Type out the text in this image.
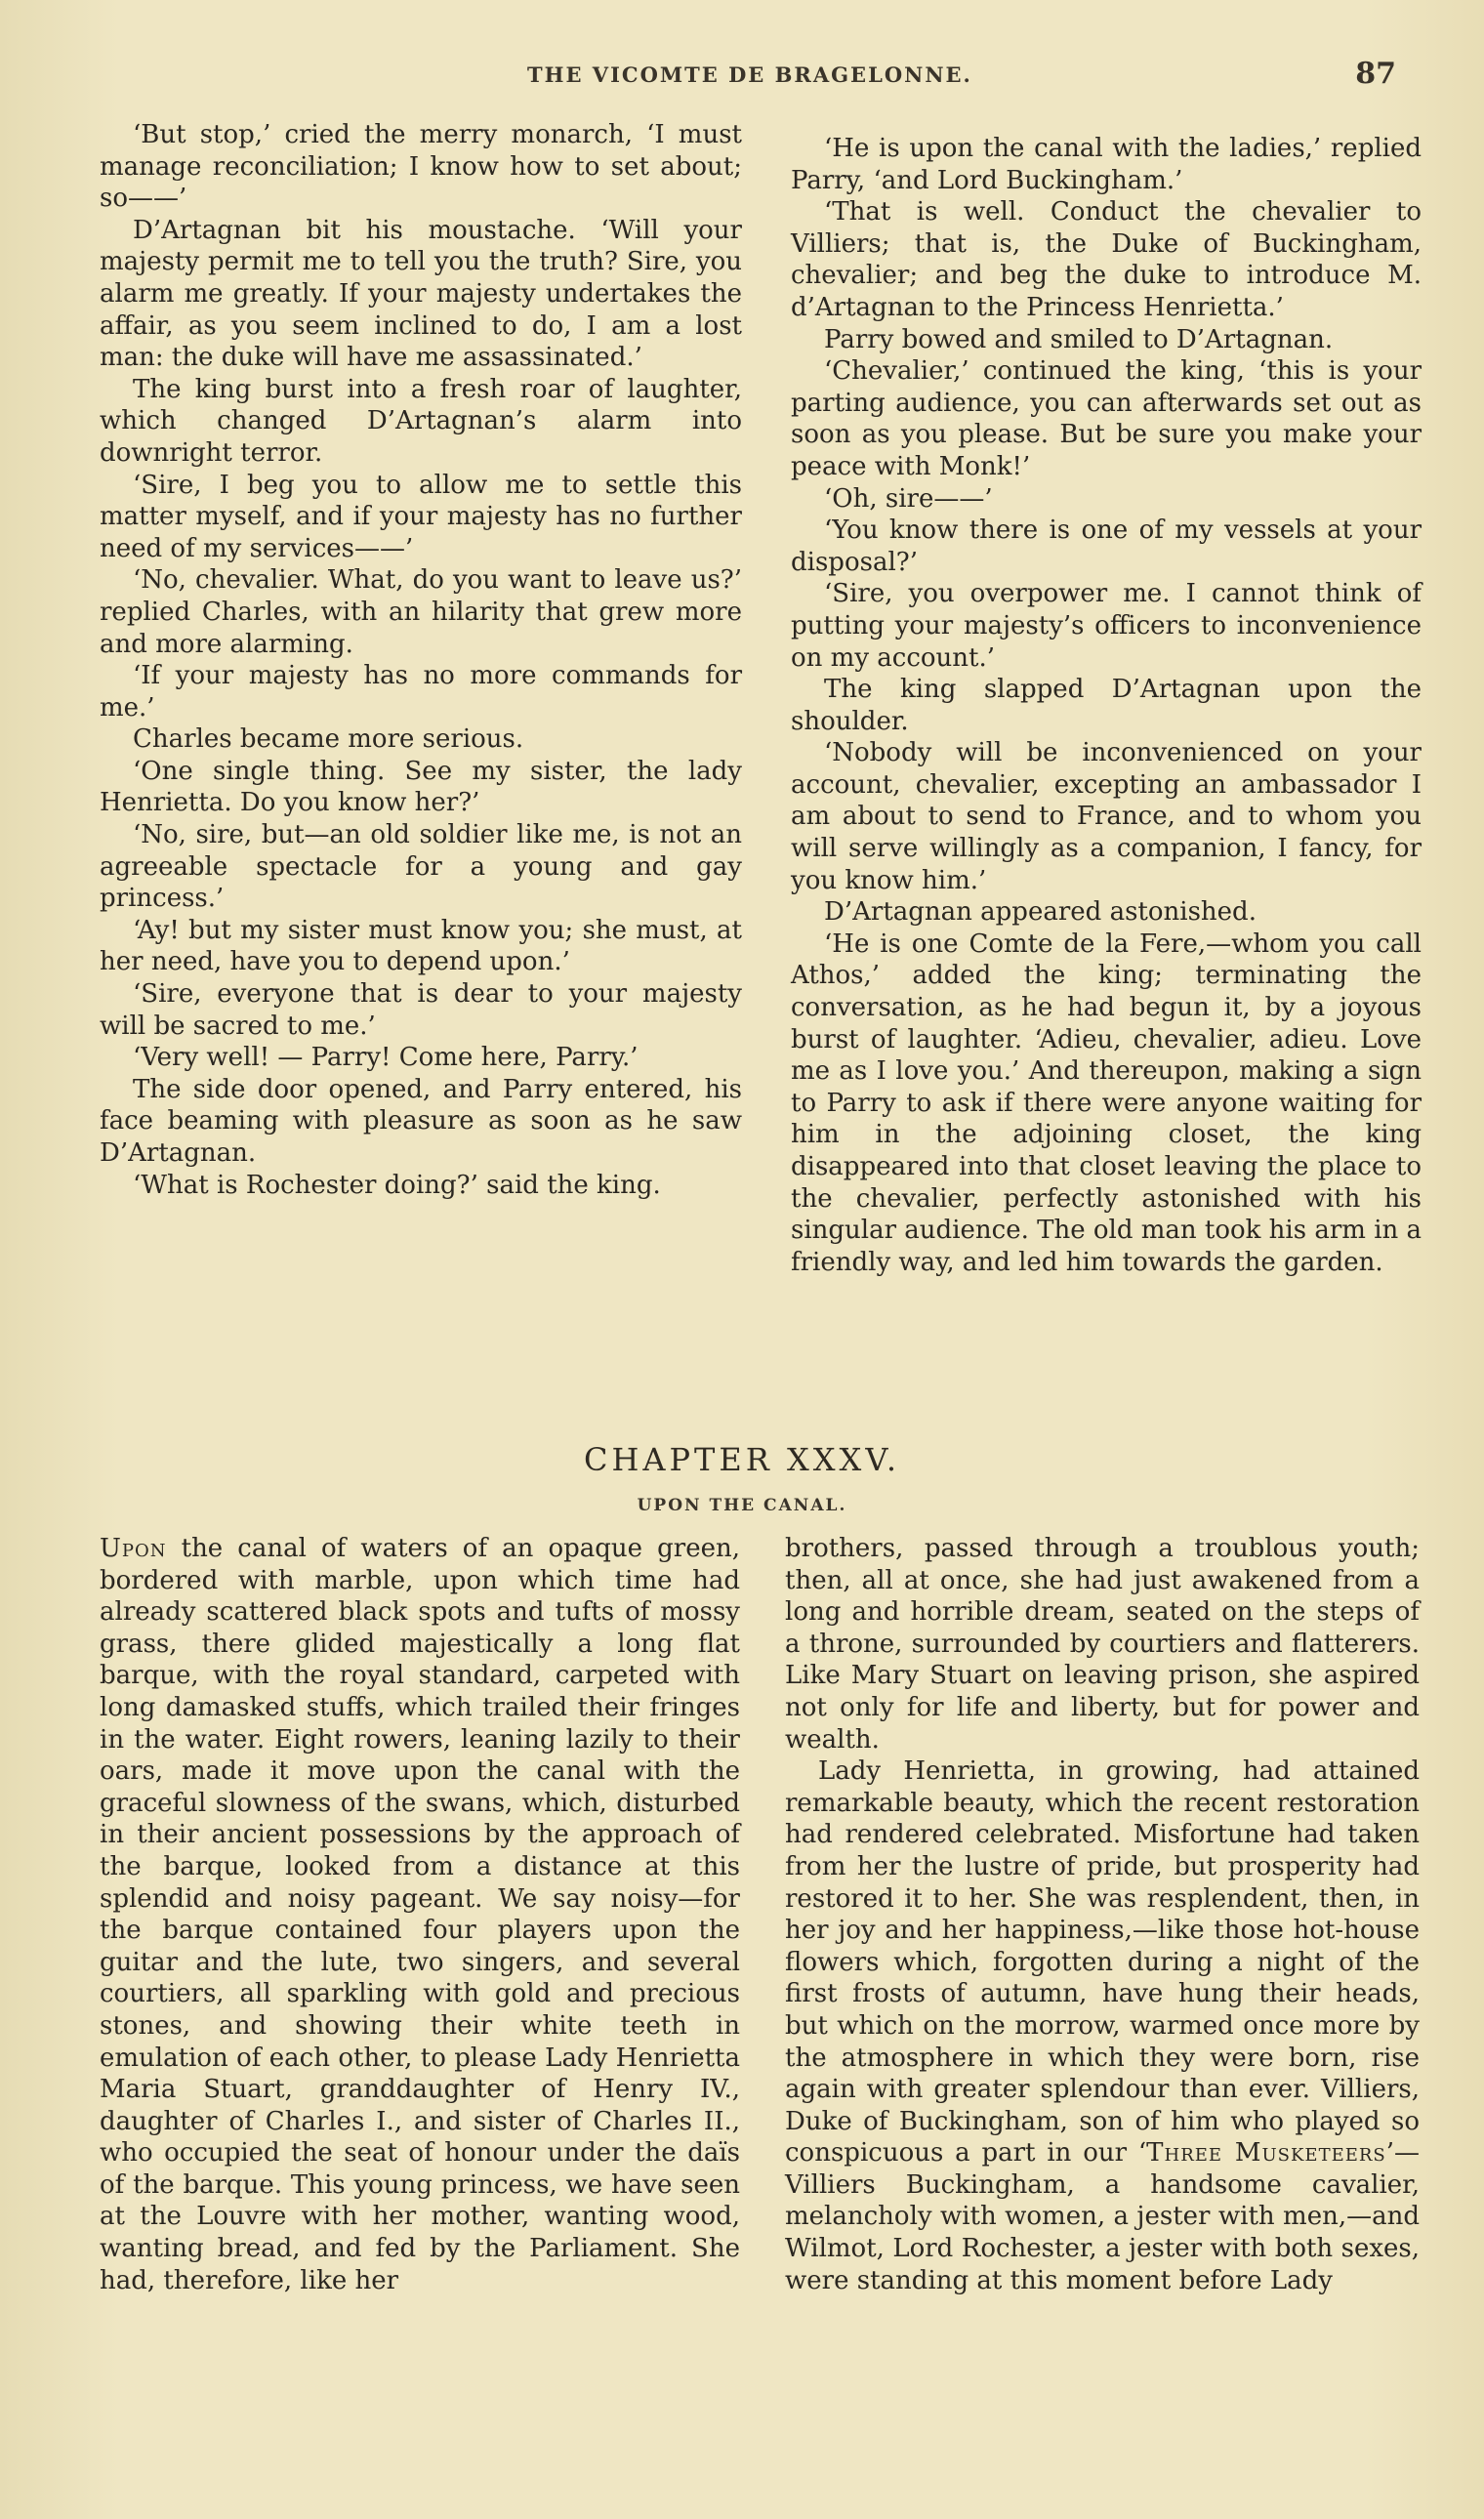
THE VICOMTE DE BRAGELONNE.	87

‘But stop,’ cried the merry monarch, ‘I must manage reconciliation; I know how to set about; so——’

D’Artagnan bit his moustache. ‘Will your majesty permit me to tell you the truth? Sire, you alarm me greatly. If your majesty undertakes the affair, as you seem inclined to do, I am a lost man: the duke will have me assassinated.’

The king burst into a fresh roar of laughter, which changed D’Artagnan’s alarm into downright terror.

‘Sire, I beg you to allow me to settle this matter myself, and if your majesty has no further need of my services——’

‘No, chevalier. What, do you want to leave us?’ replied Charles, with an hilarity that grew more and more alarming.

‘If your majesty has no more commands for me.’

Charles became more serious.

‘One single thing. See my sister, the lady Henrietta. Do you know her?’

‘No, sire, but—an old soldier like me, is not an agreeable spectacle for a young and gay princess.’

‘Ay! but my sister must know you; she must, at her need, have you to depend upon.’

‘Sire, everyone that is dear to your majesty will be sacred to me.’

‘Very well! — Parry! Come here, Parry.’

The side door opened, and Parry entered, his face beaming with pleasure as soon as he saw D’Artagnan.

‘What is Rochester doing?’ said the king.

‘He is upon the canal with the ladies,’ replied Parry, ‘and Lord Buckingham.’

‘That is well. Conduct the chevalier to Villiers; that is, the Duke of Buckingham, chevalier; and beg the duke to introduce M. d’Artagnan to the Princess Henrietta.’

Parry bowed and smiled to D’Artagnan.

‘Chevalier,’ continued the king, ‘this is your parting audience, you can afterwards set out as soon as you please. But be sure you make your peace with Monk!’

‘Oh, sire——’

‘You know there is one of my vessels at your disposal?’

‘Sire, you overpower me. I cannot think of putting your majesty’s officers to inconvenience on my account.’

The king slapped D’Artagnan upon the shoulder.

‘Nobody will be inconvenienced on your account, chevalier, excepting an ambassador I am about to send to France, and to whom you will serve willingly as a companion, I fancy, for you know him.’

D’Artagnan appeared astonished.

‘He is one Comte de la Fere,—whom you call Athos,’ added the king; terminating the conversation, as he had begun it, by a joyous burst of laughter. ‘Adieu, chevalier, adieu. Love me as I love you.’ And thereupon, making a sign to Parry to ask if there were anyone waiting for him in the adjoining closet, the king disappeared into that closet leaving the place to the chevalier, perfectly astonished with his singular audience. The old man took his arm in a friendly way, and led him towards the garden.

CHAPTER XXXV.
UPON THE CANAL.

Upon the canal of waters of an opaque green, bordered with marble, upon which time had already scattered black spots and tufts of mossy grass, there glided majestically a long flat barque, with the royal standard, carpeted with long damasked stuffs, which trailed their fringes in the water. Eight rowers, leaning lazily to their oars, made it move upon the canal with the graceful slowness of the swans, which, disturbed in their ancient possessions by the approach of the barque, looked from a distance at this splendid and noisy pageant. We say noisy—for the barque contained four players upon the guitar and the lute, two singers, and several courtiers, all sparkling with gold and precious stones, and showing their white teeth in emulation of each other, to please Lady Henrietta Maria Stuart, granddaughter of Henry IV., daughter of Charles I., and sister of Charles II., who occupied the seat of honour under the daïs of the barque. This young princess, we have seen at the Louvre with her mother, wanting wood, wanting bread, and fed by the Parliament. She had, therefore, like her

brothers, passed through a troublous youth; then, all at once, she had just awakened from a long and horrible dream, seated on the steps of a throne, surrounded by courtiers and flatterers. Like Mary Stuart on leaving prison, she aspired not only for life and liberty, but for power and wealth.

Lady Henrietta, in growing, had attained remarkable beauty, which the recent restoration had rendered celebrated. Misfortune had taken from her the lustre of pride, but prosperity had restored it to her. She was resplendent, then, in her joy and her happiness,—like those hot-house flowers which, forgotten during a night of the first frosts of autumn, have hung their heads, but which on the morrow, warmed once more by the atmosphere in which they were born, rise again with greater splendour than ever. Villiers, Duke of Buckingham, son of him who played so conspicuous a part in our ‘Three Musketeers’—Villiers Buckingham, a handsome cavalier, melancholy with women, a jester with men,—and Wilmot, Lord Rochester, a jester with both sexes, were standing at this moment before Lady
